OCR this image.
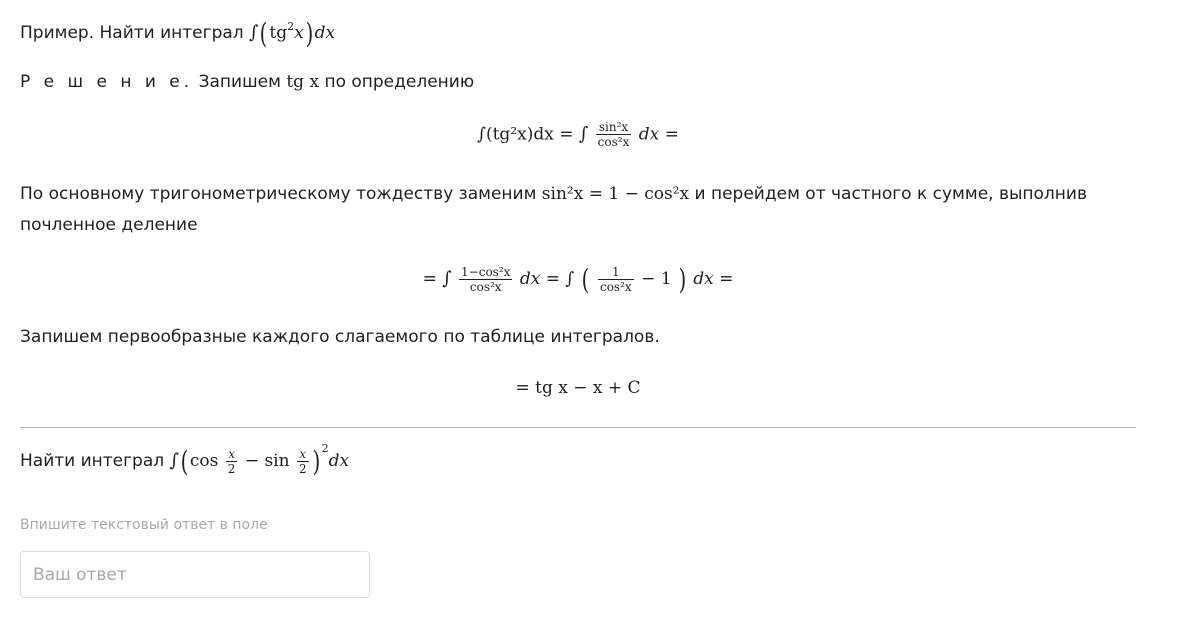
Пример. Найти интеграл $\int(tg^2x)dx$
Р е ш е н и е. Запишем tg x по определению
∫(tg²x)dx = ∫ $\frac{\text{sin²x}}{\text{cos²x}}$ dx =
По основному тригонометрическому тождеству заменим sin²x = 1 − cos²x и перейдем от частного к сумме, выполнив
почленное деление
= ∫ $\frac{\text{1−cos²x}}{\text{cos²x}}$ dx = ∫ ( $\frac{1}{\text{cos²x}} - 1$ ) dx =
Запишем первообразные каждого слагаемого по таблице интегралов.
= tg x − x + C
Найти интеграл $\int(\cos \frac{x}{2} - \sin \frac{x}{2}$ ) $^2$dx
Впишите текстовый ответ в поле
Ваш ответ
